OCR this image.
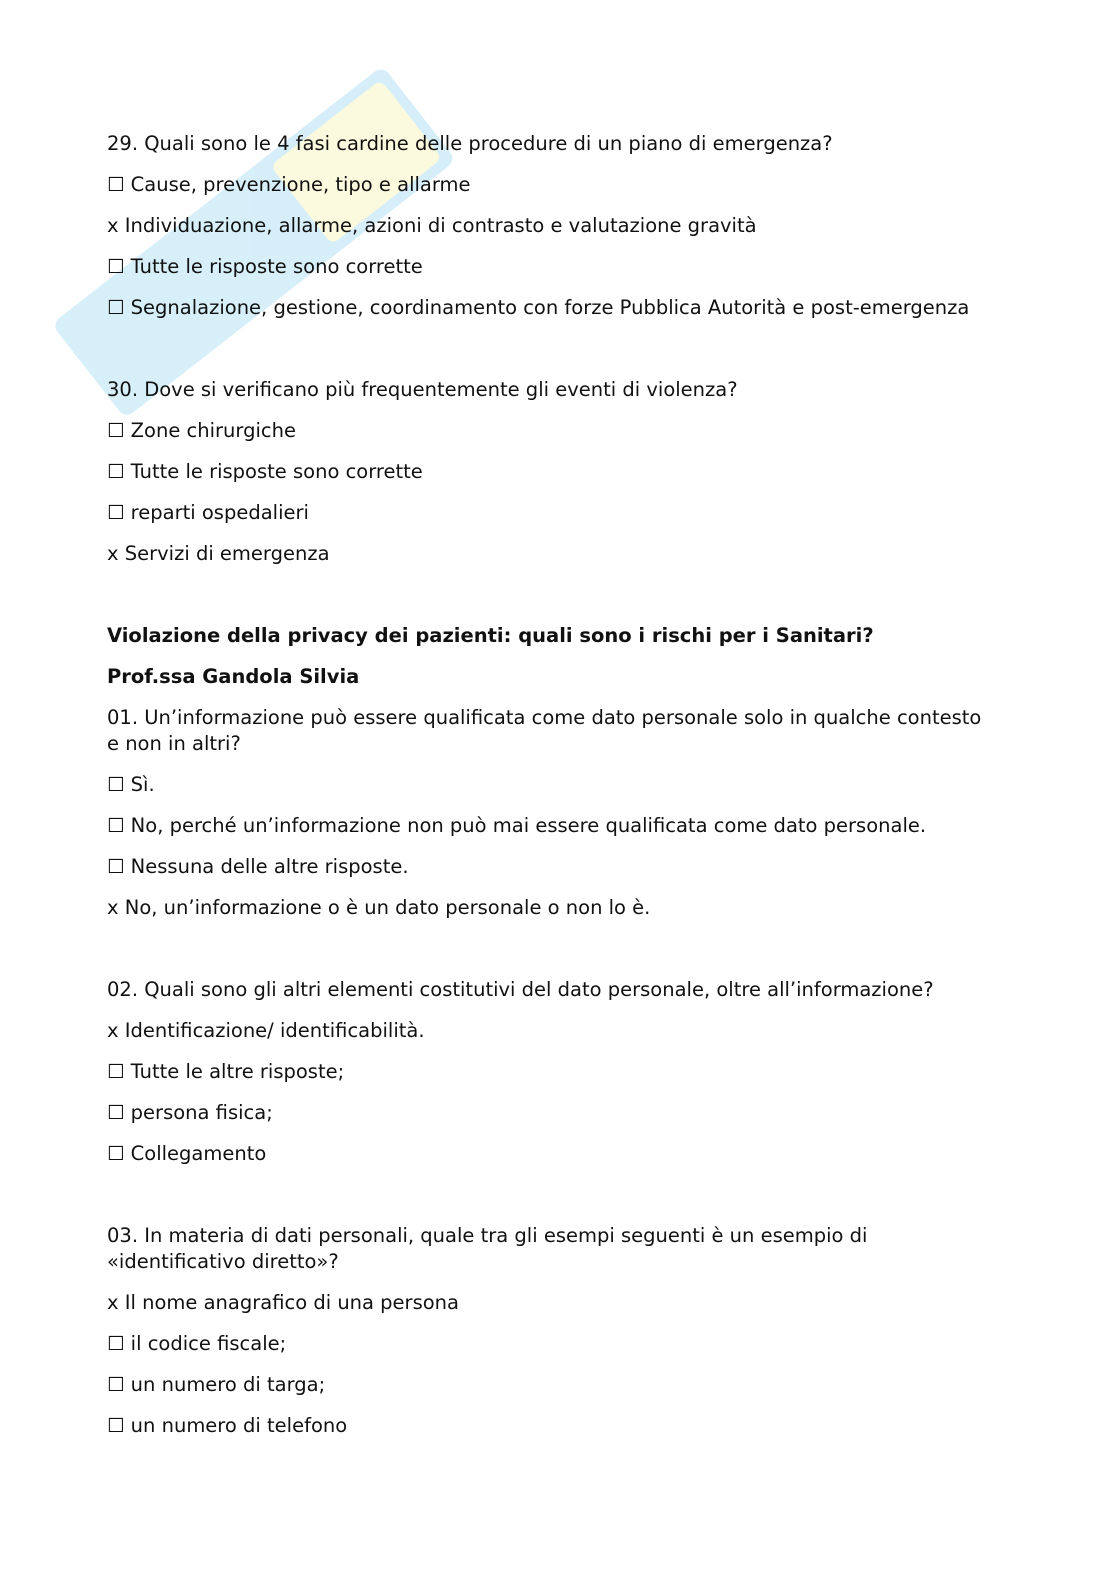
29. Quali sono le 4 fasi cardine delle procedure di un piano di emergenza?

☐ Cause, prevenzione, tipo e allarme

x Individuazione, allarme, azioni di contrasto e valutazione gravità

☐ Tutte le risposte sono corrette

☐ Segnalazione, gestione, coordinamento con forze Pubblica Autorità e post-emergenza

30. Dove si verificano più frequentemente gli eventi di violenza?

☐ Zone chirurgiche

☐ Tutte le risposte sono corrette

☐ reparti ospedalieri

x Servizi di emergenza

Violazione della privacy dei pazienti: quali sono i rischi per i Sanitari?

Prof.ssa Gandola Silvia

01. Un’informazione può essere qualificata come dato personale solo in qualche contesto e non in altri?

☐ Sì.

☐ No, perché un’informazione non può mai essere qualificata come dato personale.

☐ Nessuna delle altre risposte.

x No, un’informazione o è un dato personale o non lo è.

02. Quali sono gli altri elementi costitutivi del dato personale, oltre all’informazione?

x Identificazione/ identificabilità.

☐ Tutte le altre risposte;

☐ persona fisica;

☐ Collegamento

03. In materia di dati personali, quale tra gli esempi seguenti è un esempio di «identificativo diretto»?

x Il nome anagrafico di una persona

☐ il codice fiscale;

☐ un numero di targa;

☐ un numero di telefono
